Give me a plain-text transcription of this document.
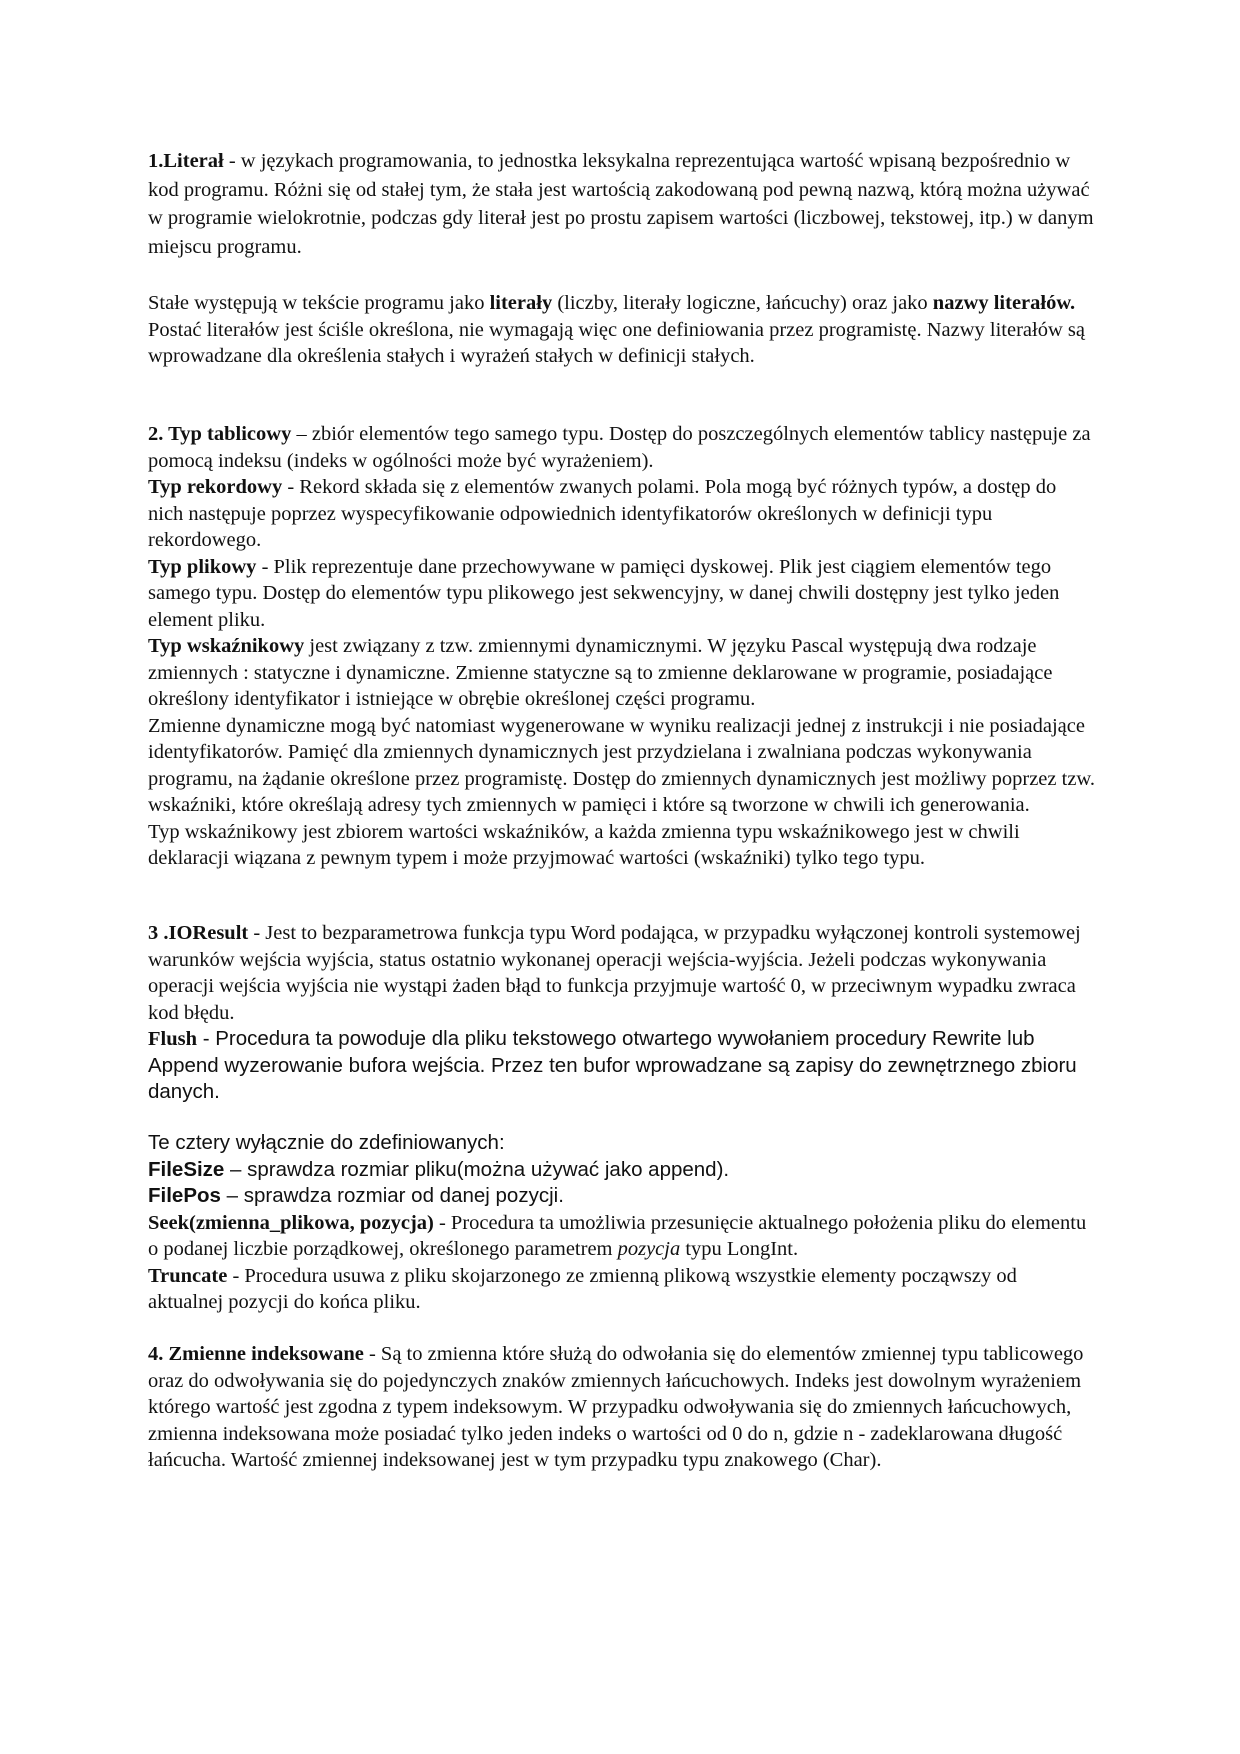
1.Literał - w językach programowania, to jednostka leksykalna reprezentująca wartość wpisaną bezpośrednio w kod programu. Różni się od stałej tym, że stała jest wartością zakodowaną pod pewną nazwą, którą można używać w programie wielokrotnie, podczas gdy literał jest po prostu zapisem wartości (liczbowej, tekstowej, itp.) w danym miejscu programu.

Stałe występują w tekście programu jako literały (liczby, literały logiczne, łańcuchy) oraz jako nazwy literałów. Postać literałów jest ściśle określona, nie wymagają więc one definiowania przez programistę. Nazwy literałów są wprowadzane dla określenia stałych i wyrażeń stałych w definicji stałych.

2. Typ tablicowy – zbiór elementów tego samego typu. Dostęp do poszczególnych elementów tablicy następuje za pomocą indeksu (indeks w ogólności może być wyrażeniem).

Typ rekordowy - Rekord składa się z elementów zwanych polami. Pola mogą być różnych typów, a dostęp do nich następuje poprzez wyspecyfikowanie odpowiednich identyfikatorów określonych w definicji typu rekordowego.

Typ plikowy - Plik reprezentuje dane przechowywane w pamięci dyskowej. Plik jest ciągiem elementów tego samego typu. Dostęp do elementów typu plikowego jest sekwencyjny, w danej chwili dostępny jest tylko jeden element pliku.

Typ wskaźnikowy jest związany z tzw. zmiennymi dynamicznymi. W języku Pascal występują dwa rodzaje zmiennych : statyczne i dynamiczne. Zmienne statyczne są to zmienne deklarowane w programie, posiadające określony identyfikator i istniejące w obrębie określonej części programu.

Zmienne dynamiczne mogą być natomiast wygenerowane w wyniku realizacji jednej z instrukcji i nie posiadające identyfikatorów. Pamięć dla zmiennych dynamicznych jest przydzielana i zwalniana podczas wykonywania programu, na żądanie określone przez programistę. Dostęp do zmiennych dynamicznych jest możliwy poprzez tzw. wskaźniki, które określają adresy tych zmiennych w pamięci i które są tworzone w chwili ich generowania.

Typ wskaźnikowy jest zbiorem wartości wskaźników, a każda zmienna typu wskaźnikowego jest w chwili deklaracji wiązana z pewnym typem i może przyjmować wartości (wskaźniki) tylko tego typu.

3 .IOResult - Jest to bezparametrowa funkcja typu Word podająca, w przypadku wyłączonej kontroli systemowej warunków wejścia wyjścia, status ostatnio wykonanej operacji wejścia-wyjścia. Jeżeli podczas wykonywania operacji wejścia wyjścia nie wystąpi żaden błąd to funkcja przyjmuje wartość 0, w przeciwnym wypadku zwraca kod błędu.

Flush - Procedura ta powoduje dla pliku tekstowego otwartego wywołaniem procedury Rewrite lub Append wyzerowanie bufora wejścia. Przez ten bufor wprowadzane są zapisy do zewnętrznego zbioru danych.

Te cztery wyłącznie do zdefiniowanych:

FileSize – sprawdza rozmiar pliku(można używać jako append).

FilePos – sprawdza rozmiar od danej pozycji.

Seek(zmienna_plikowa, pozycja) - Procedura ta umożliwia przesunięcie aktualnego położenia pliku do elementu o podanej liczbie porządkowej, określonego parametrem pozycja typu LongInt.

Truncate - Procedura usuwa z pliku skojarzonego ze zmienną plikową wszystkie elementy począwszy od aktualnej pozycji do końca pliku.

4. Zmienne indeksowane - Są to zmienna które służą do odwołania się do elementów zmiennej typu tablicowego oraz do odwoływania się do pojedynczych znaków zmiennych łańcuchowych. Indeks jest dowolnym wyrażeniem którego wartość jest zgodna z typem indeksowym. W przypadku odwoływania się do zmiennych łańcuchowych, zmienna indeksowana może posiadać tylko jeden indeks o wartości od 0 do n, gdzie n - zadeklarowana długość łańcucha. Wartość zmiennej indeksowanej jest w tym przypadku typu znakowego (Char).
